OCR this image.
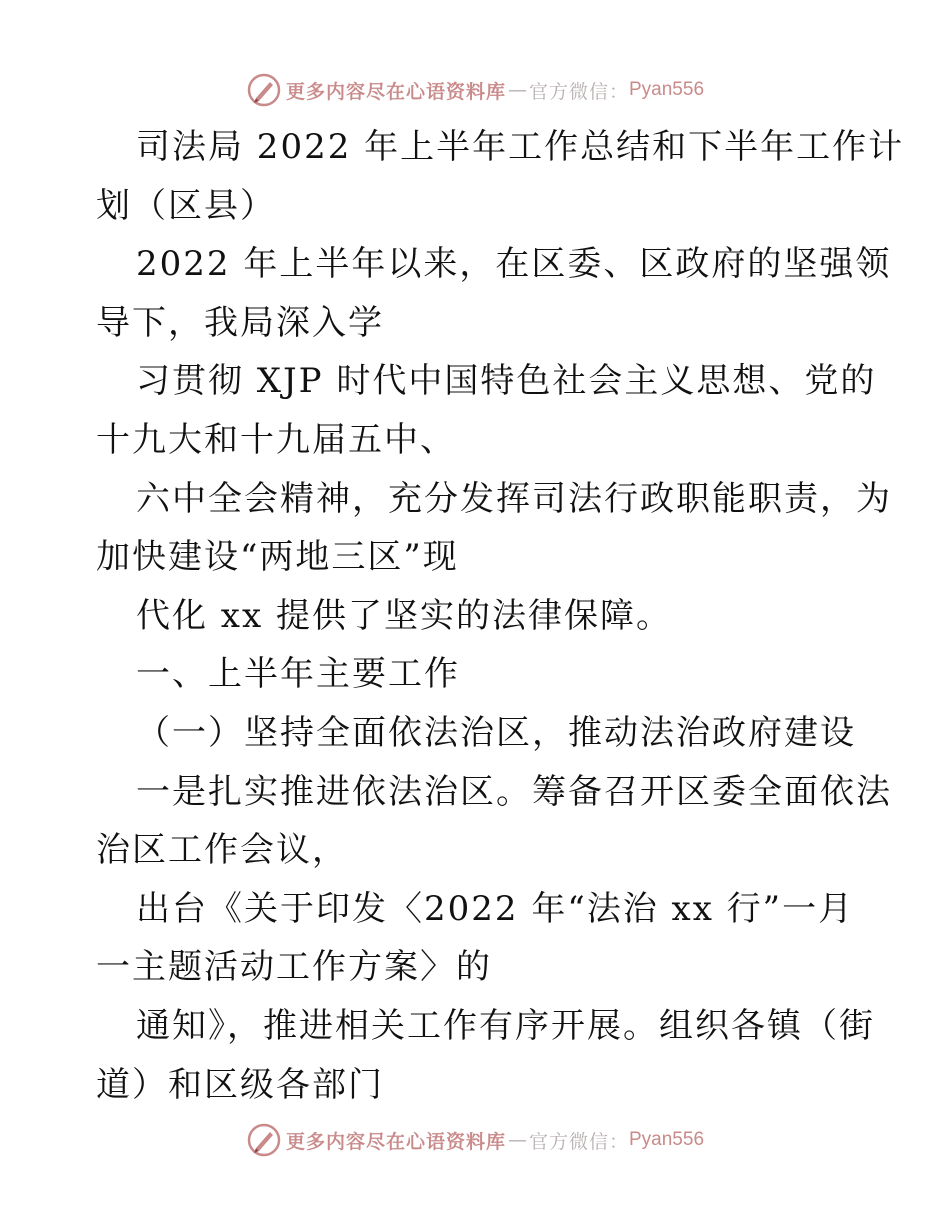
更多内容尽在心语资料库 — 官方微信： Pyan556
司法局 2022 年上半年工作总结和下半年工作计
划（区县）
2022 年上半年以来，在区委、区政府的坚强领
导下，我局深入学
习贯彻 XJP 时代中国特色社会主义思想、党的
十九大和十九届五中、
六中全会精神，充分发挥司法行政职能职责，为
加快建设“两地三区”现
代化 xx 提供了坚实的法律保障。
一、上半年主要工作
（一）坚持全面依法治区，推动法治政府建设
一是扎实推进依法治区。筹备召开区委全面依法
治区工作会议，
出台《关于印发〈2022 年“法治 xx 行”一月
一主题活动工作方案〉的
通知》，推进相关工作有序开展。组织各镇（街
道）和区级各部门
更多内容尽在心语资料库 — 官方微信： Pyan556
